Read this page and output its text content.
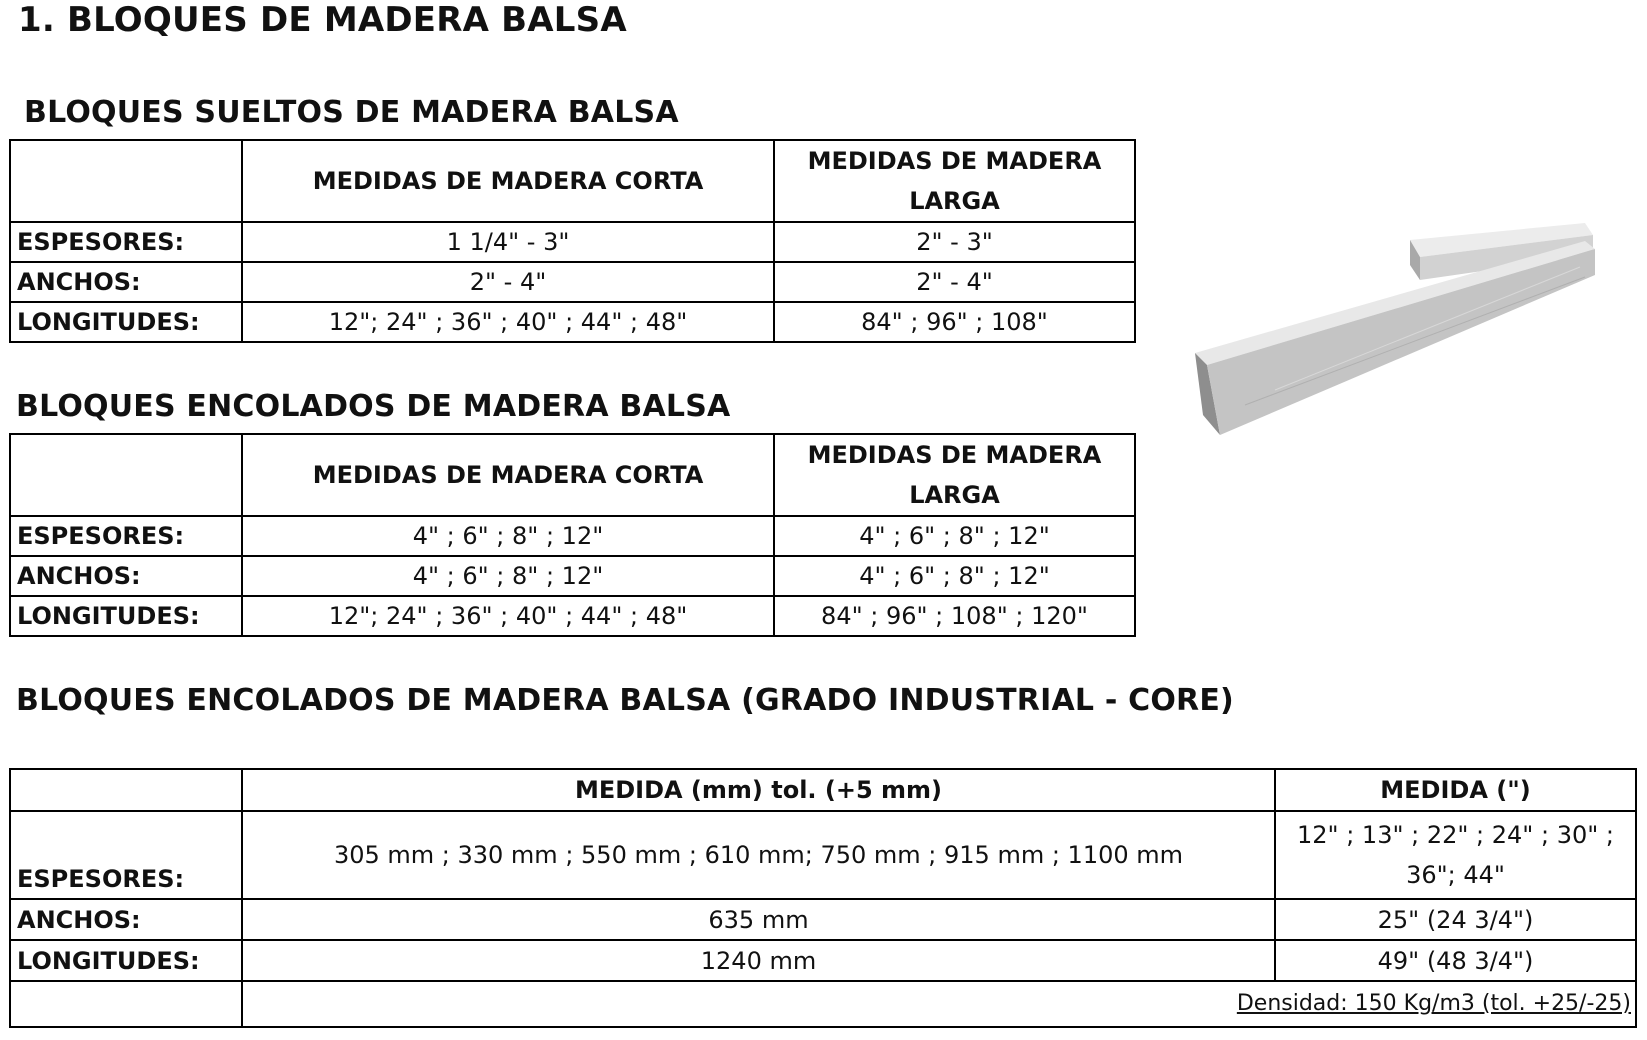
1. BLOQUES DE MADERA BALSA
BLOQUES SUELTOS DE MADERA BALSA
	MEDIDAS DE MADERA CORTA	MEDIDAS DE MADERA LARGA
ESPESORES:	1 1/4" - 3"	2" - 3"
ANCHOS:	2" - 4"	2" - 4"
LONGITUDES:	12"; 24" ; 36" ; 40" ; 44" ; 48"	84" ; 96" ; 108"
BLOQUES ENCOLADOS DE MADERA BALSA
	MEDIDAS DE MADERA CORTA	MEDIDAS DE MADERA LARGA
ESPESORES:	4" ; 6" ; 8" ; 12"	4" ; 6" ; 8" ; 12"
ANCHOS:	4" ; 6" ; 8" ; 12"	4" ; 6" ; 8" ; 12"
LONGITUDES:	12"; 24" ; 36" ; 40" ; 44" ; 48"	84" ; 96" ; 108" ; 120"
BLOQUES ENCOLADOS DE MADERA BALSA (GRADO INDUSTRIAL - CORE)
	MEDIDA (mm) tol. (+5 mm)	MEDIDA (")
ESPESORES:	305 mm ; 330 mm ; 550 mm ; 610 mm; 750 mm ; 915 mm ; 1100 mm	12" ; 13" ; 22" ; 24" ; 30" ; 36"; 44"
ANCHOS:	635 mm	25" (24 3/4")
LONGITUDES:	1240 mm	49" (48 3/4")
	Densidad: 150 Kg/m3 (tol. +25/-25)	
